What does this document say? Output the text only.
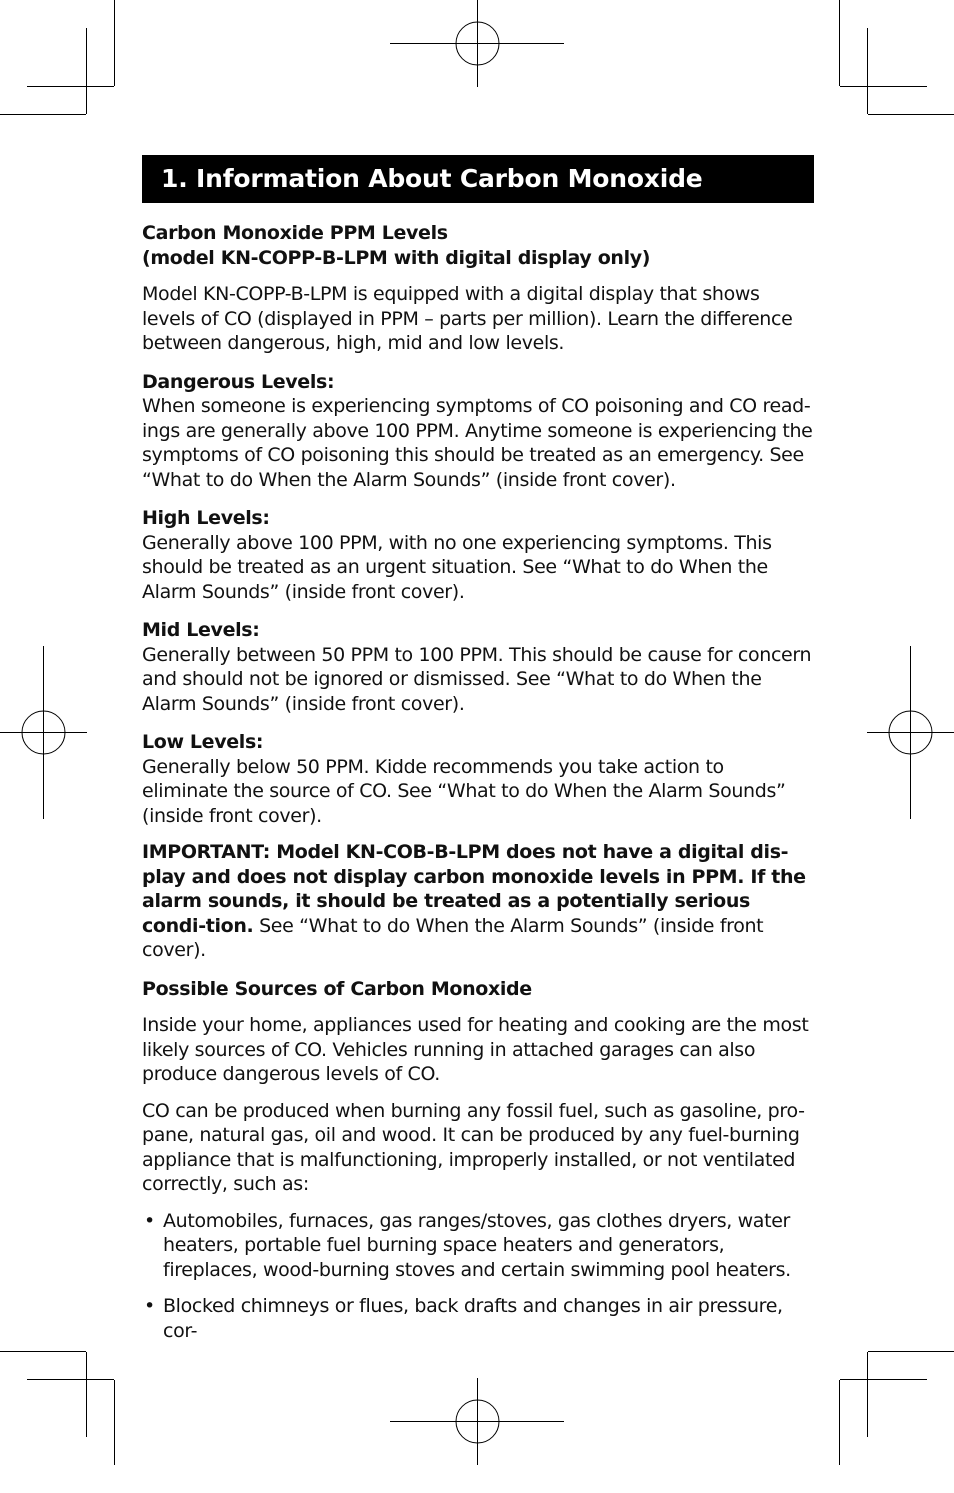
1. Information About Carbon Monoxide
Carbon Monoxide PPM Levels
(model KN-COPP-B-LPM with digital display only)

Model KN-COPP-B-LPM is equipped with a digital display that shows levels of CO (displayed in PPM – parts per million). Learn the difference between dangerous, high, mid and low levels.

Dangerous Levels:
When someone is experiencing symptoms of CO poisoning and CO read-ings are generally above 100 PPM. Anytime someone is experiencing the symptoms of CO poisoning this should be treated as an emergency. See “What to do When the Alarm Sounds” (inside front cover).
High Levels:
Generally above 100 PPM, with no one experiencing symptoms. This should be treated as an urgent situation. See “What to do When the Alarm Sounds” (inside front cover).
Mid Levels:
Generally between 50 PPM to 100 PPM. This should be cause for concern and should not be ignored or dismissed. See “What to do When the Alarm Sounds” (inside front cover).
Low Levels:
Generally below 50 PPM. Kidde recommends you take action to eliminate the source of CO. See “What to do When the Alarm Sounds” (inside front cover).

IMPORTANT: Model KN-COB-B-LPM does not have a digital dis-play and does not display carbon monoxide levels in PPM. If the alarm sounds, it should be treated as a potentially serious condi-tion. See “What to do When the Alarm Sounds” (inside front cover).

Possible Sources of Carbon Monoxide

Inside your home, appliances used for heating and cooking are the most likely sources of CO. Vehicles running in attached garages can also produce dangerous levels of CO.

CO can be produced when burning any fossil fuel, such as gasoline, pro-pane, natural gas, oil and wood. It can be produced by any fuel-burning appliance that is malfunctioning, improperly installed, or not ventilated correctly, such as:

• Automobiles, furnaces, gas ranges/stoves, gas clothes dryers, water heaters, portable fuel burning space heaters and generators, fireplaces, wood-burning stoves and certain swimming pool heaters.
• Blocked chimneys or flues, back drafts and changes in air pressure, cor-
